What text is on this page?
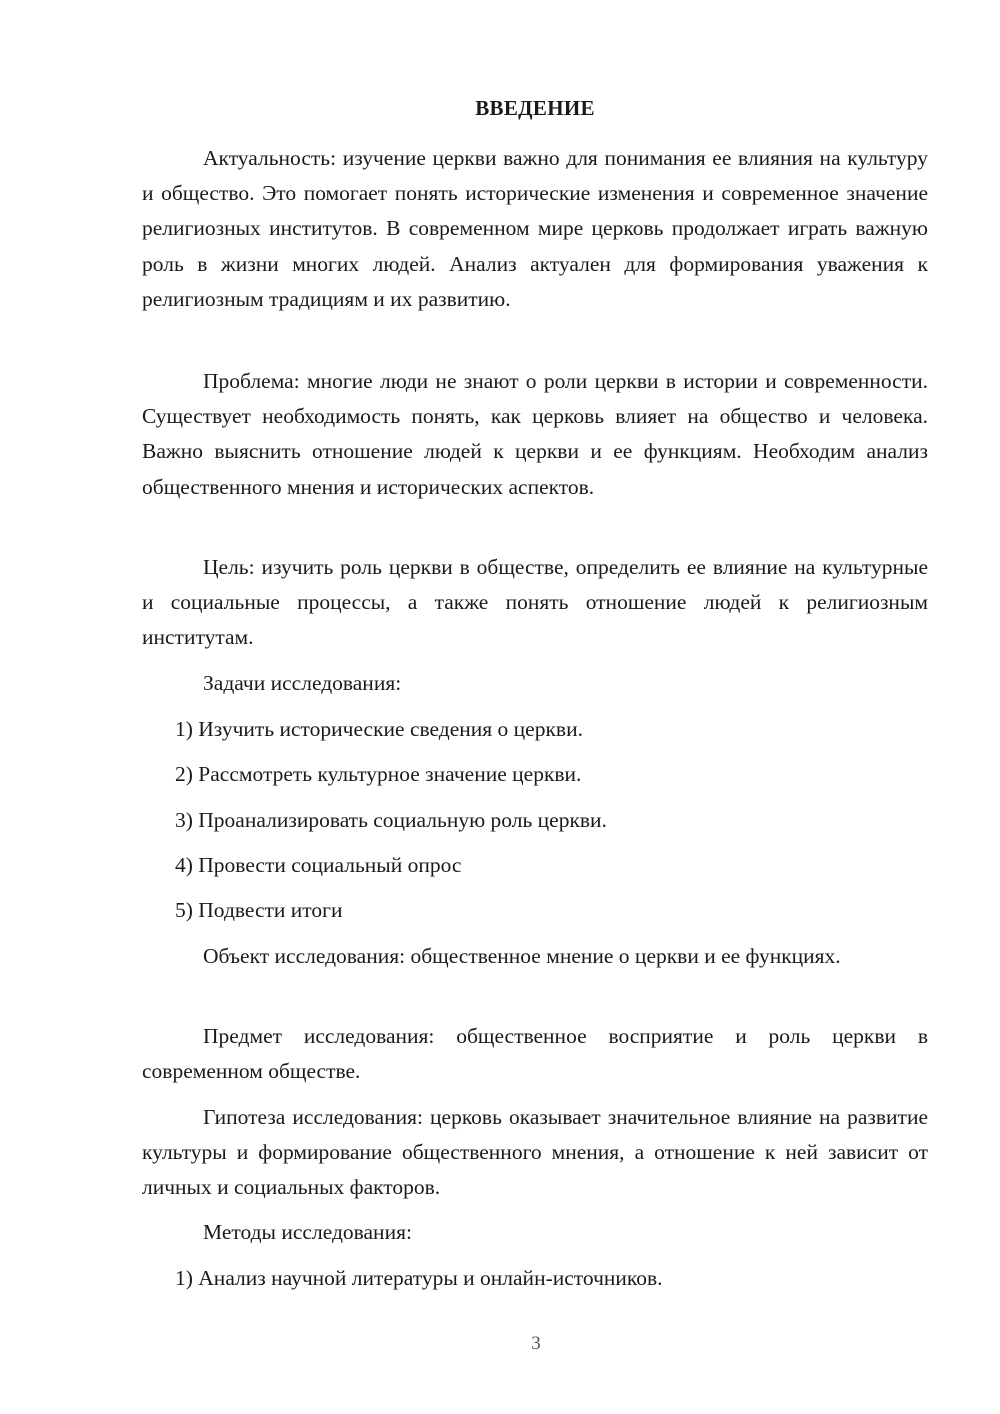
ВВЕДЕНИЕ

Актуальность: изучение церкви важно для понимания ее влияния на культуру и общество. Это помогает понять исторические изменения и современное значение религиозных институтов. В современном мире церковь продолжает играть важную роль в жизни многих людей. Анализ актуален для формирования уважения к религиозным традициям и их развитию.

Проблема: многие люди не знают о роли церкви в истории и современности. Существует необходимость понять, как церковь влияет на общество и человека. Важно выяснить отношение людей к церкви и ее функциям. Необходим анализ общественного мнения и исторических аспектов.

Цель: изучить роль церкви в обществе, определить ее влияние на культурные и социальные процессы, а также понять отношение людей к религиозным институтам.

Задачи исследования:

1) Изучить исторические сведения о церкви.

2) Рассмотреть культурное значение церкви.

3) Проанализировать социальную роль церкви.

4) Провести социальный опрос

5) Подвести итоги

Объект исследования: общественное мнение о церкви и ее функциях.

Предмет исследования: общественное восприятие и роль церкви в современном обществе.

Гипотеза исследования: церковь оказывает значительное влияние на развитие культуры и формирование общественного мнения, а отношение к ней зависит от личных и социальных факторов.

Методы исследования:

1) Анализ научной литературы и онлайн-источников.

3
